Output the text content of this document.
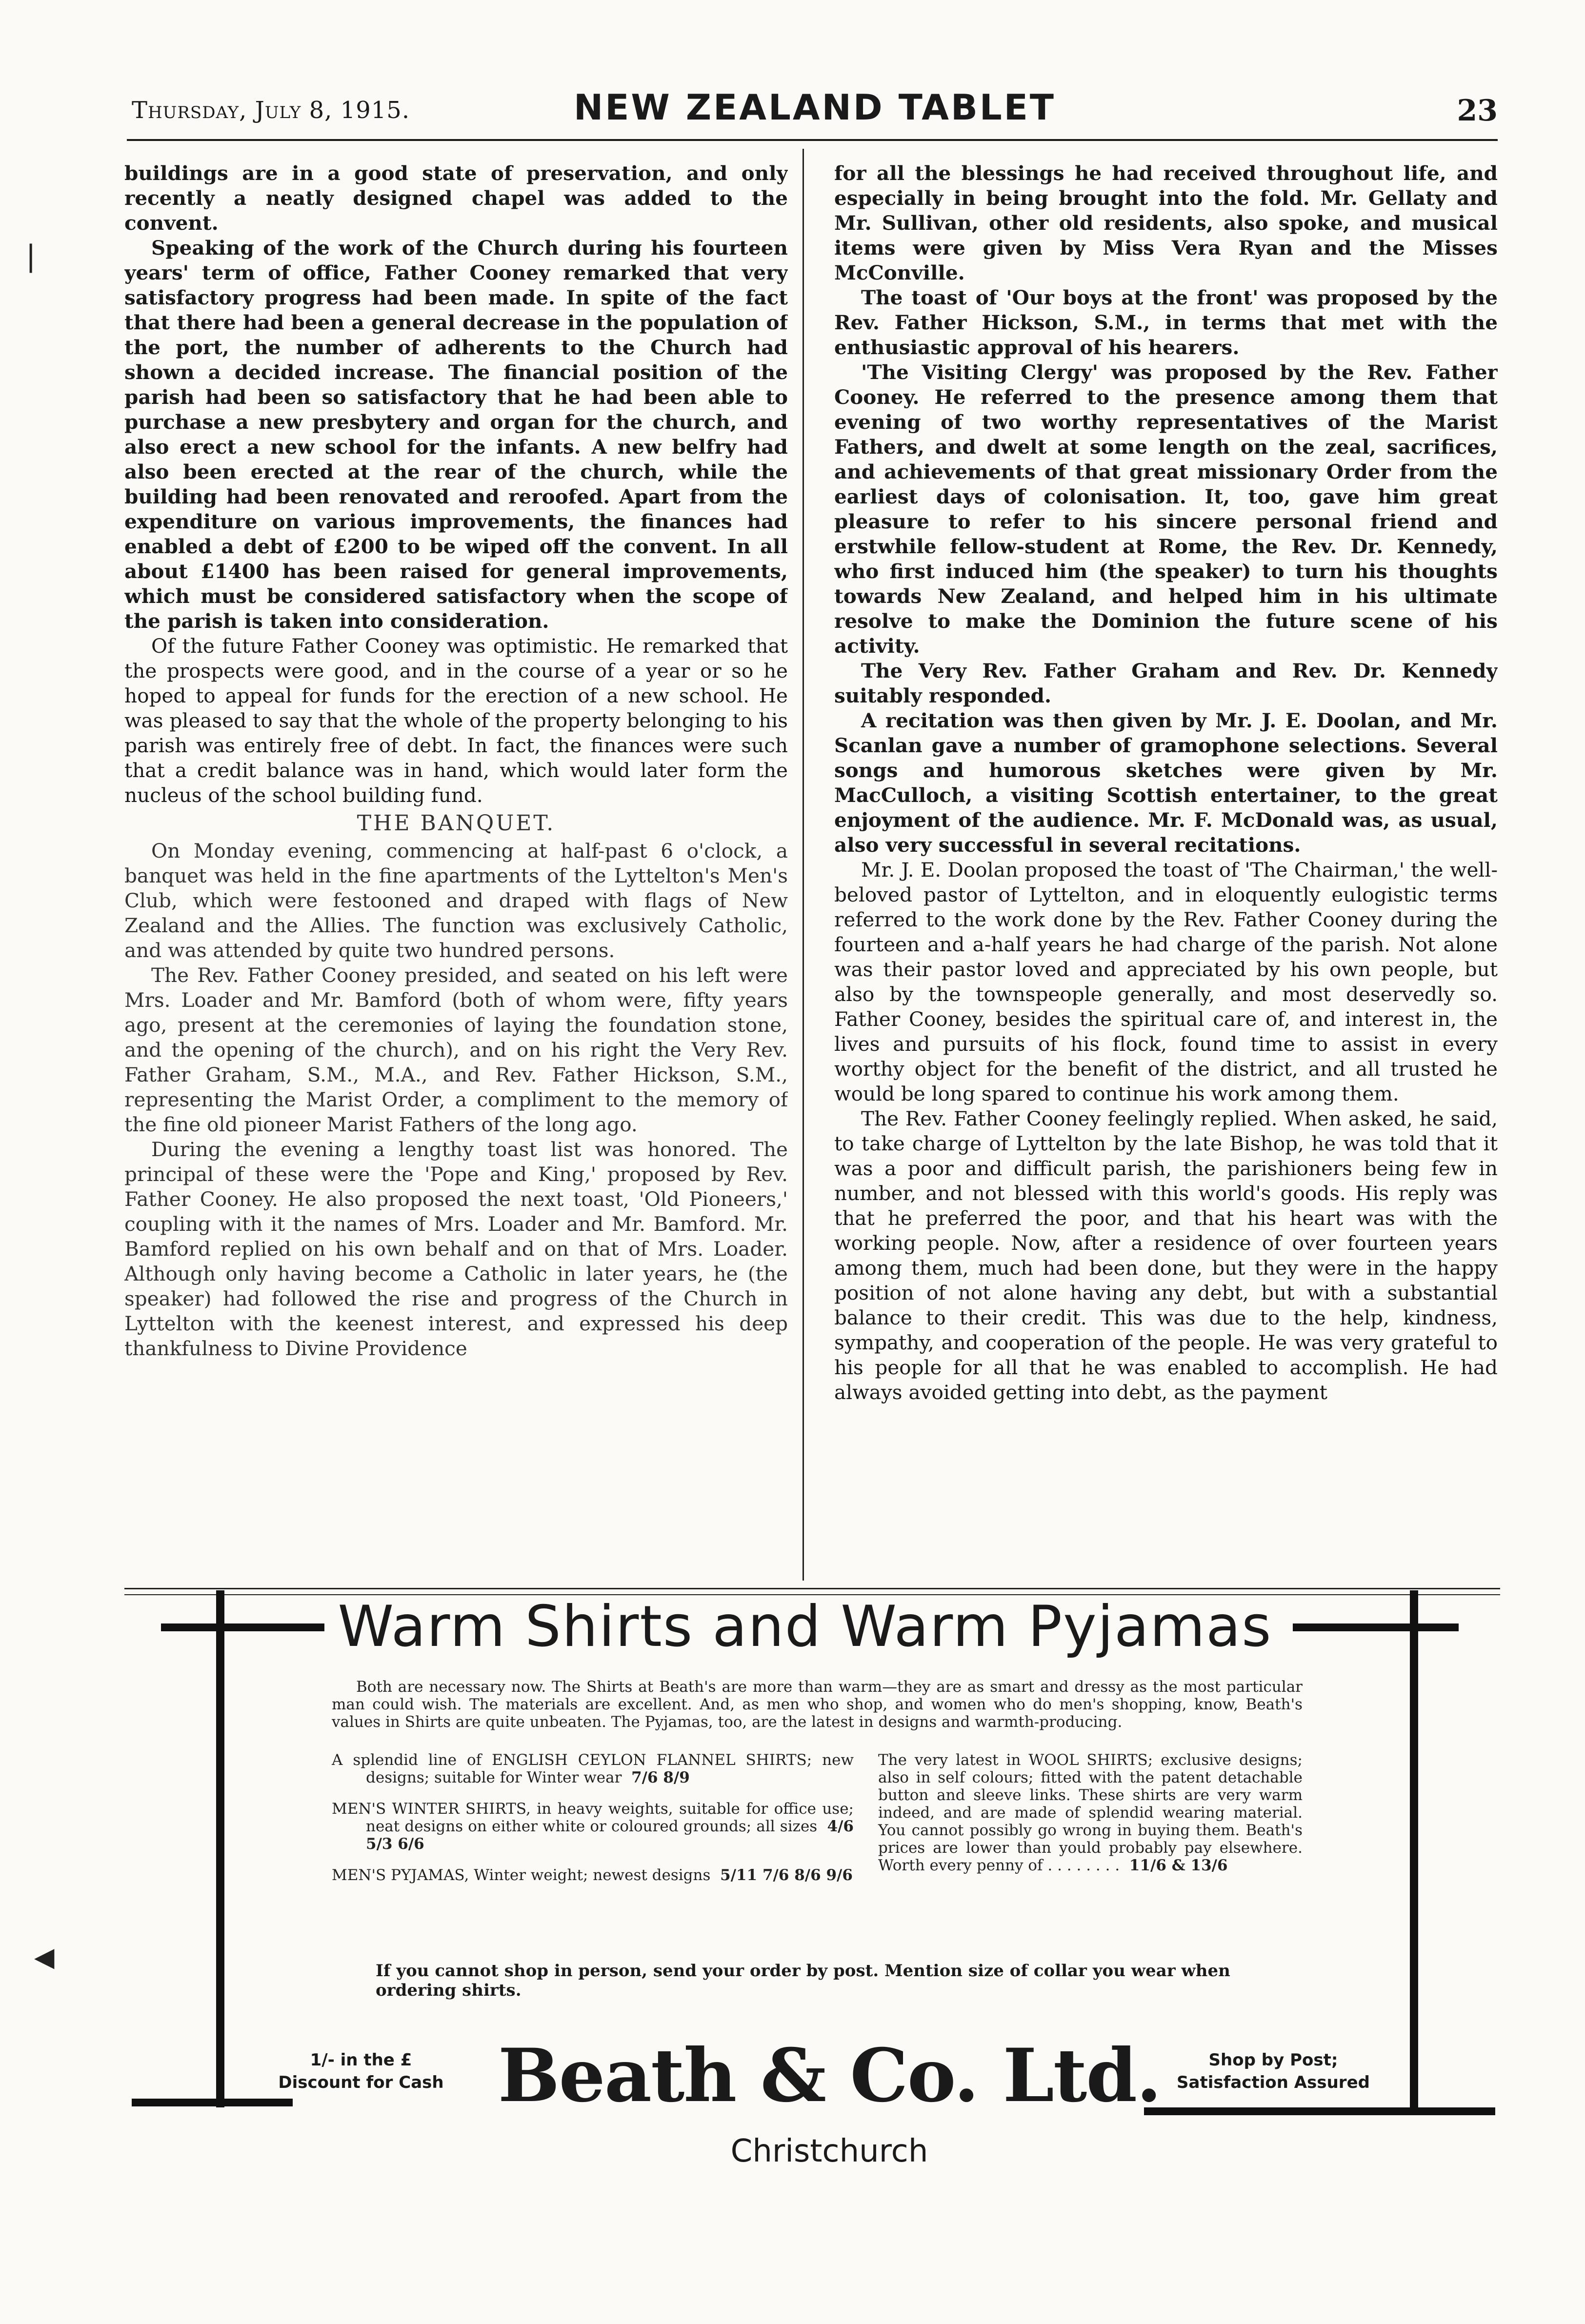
❘
◀
Thursday, July 8, 1915.	NEW ZEALAND TABLET	23

buildings are in a good state of preservation, and only recently a neatly designed chapel was added to the convent.

Speaking of the work of the Church during his fourteen years' term of office, Father Cooney remarked that very satisfactory progress had been made. In spite of the fact that there had been a general decrease in the population of the port, the number of adherents to the Church had shown a decided increase. The financial position of the parish had been so satisfactory that he had been able to purchase a new presbytery and organ for the church, and also erect a new school for the infants. A new belfry had also been erected at the rear of the church, while the building had been renovated and reroofed. Apart from the expenditure on various improvements, the finances had enabled a debt of £200 to be wiped off the convent. In all about £1400 has been raised for general improvements, which must be considered satisfactory when the scope of the parish is taken into consideration.

Of the future Father Cooney was optimistic. He remarked that the prospects were good, and in the course of a year or so he hoped to appeal for funds for the erection of a new school. He was pleased to say that the whole of the property belonging to his parish was entirely free of debt. In fact, the finances were such that a credit balance was in hand, which would later form the nucleus of the school building fund.

THE BANQUET.

On Monday evening, commencing at half-past 6 o'clock, a banquet was held in the fine apartments of the Lyttelton's Men's Club, which were festooned and draped with flags of New Zealand and the Allies. The function was exclusively Catholic, and was attended by quite two hundred persons.

The Rev. Father Cooney presided, and seated on his left were Mrs. Loader and Mr. Bamford (both of whom were, fifty years ago, present at the ceremonies of laying the foundation stone, and the opening of the church), and on his right the Very Rev. Father Graham, S.M., M.A., and Rev. Father Hickson, S.M., representing the Marist Order, a compliment to the memory of the fine old pioneer Marist Fathers of the long ago.

During the evening a lengthy toast list was honored. The principal of these were the 'Pope and King,' proposed by Rev. Father Cooney. He also proposed the next toast, 'Old Pioneers,' coupling with it the names of Mrs. Loader and Mr. Bamford. Mr. Bamford replied on his own behalf and on that of Mrs. Loader. Although only having become a Catholic in later years, he (the speaker) had followed the rise and progress of the Church in Lyttelton with the keenest interest, and expressed his deep thankfulness to Divine Providence

for all the blessings he had received throughout life, and especially in being brought into the fold. Mr. Gellaty and Mr. Sullivan, other old residents, also spoke, and musical items were given by Miss Vera Ryan and the Misses McConville.

The toast of 'Our boys at the front' was proposed by the Rev. Father Hickson, S.M., in terms that met with the enthusiastic approval of his hearers.

'The Visiting Clergy' was proposed by the Rev. Father Cooney. He referred to the presence among them that evening of two worthy representatives of the Marist Fathers, and dwelt at some length on the zeal, sacrifices, and achievements of that great missionary Order from the earliest days of colonisation. It, too, gave him great pleasure to refer to his sincere personal friend and erstwhile fellow-student at Rome, the Rev. Dr. Kennedy, who first induced him (the speaker) to turn his thoughts towards New Zealand, and helped him in his ultimate resolve to make the Dominion the future scene of his activity.

The Very Rev. Father Graham and Rev. Dr. Kennedy suitably responded.

A recitation was then given by Mr. J. E. Doolan, and Mr. Scanlan gave a number of gramophone selections. Several songs and humorous sketches were given by Mr. MacCulloch, a visiting Scottish entertainer, to the great enjoyment of the audience. Mr. F. McDonald was, as usual, also very successful in several recitations.

Mr. J. E. Doolan proposed the toast of 'The Chairman,' the well-beloved pastor of Lyttelton, and in eloquently eulogistic terms referred to the work done by the Rev. Father Cooney during the fourteen and a-half years he had charge of the parish. Not alone was their pastor loved and appreciated by his own people, but also by the townspeople generally, and most deservedly so. Father Cooney, besides the spiritual care of, and interest in, the lives and pursuits of his flock, found time to assist in every worthy object for the benefit of the district, and all trusted he would be long spared to continue his work among them.

The Rev. Father Cooney feelingly replied. When asked, he said, to take charge of Lyttelton by the late Bishop, he was told that it was a poor and difficult parish, the parishioners being few in number, and not blessed with this world's goods. His reply was that he preferred the poor, and that his heart was with the working people. Now, after a residence of over fourteen years among them, much had been done, but they were in the happy position of not alone having any debt, but with a substantial balance to their credit. This was due to the help, kindness, sympathy, and cooperation of the people. He was very grateful to his people for all that he was enabled to accomplish. He had always avoided getting into debt, as the payment

Warm Shirts and Warm Pyjamas
Both are necessary now. The Shirts at Beath's are more than warm—they are as smart and dressy as the most particular man could wish. The materials are excellent. And, as men who shop, and women who do men's shopping, know, Beath's values in Shirts are quite unbeaten. The Pyjamas, too, are the latest in designs and warmth-producing.
A splendid line of ENGLISH CEYLON FLANNEL SHIRTS; new designs; suitable for Winter wear 7/6 8/9
MEN'S WINTER SHIRTS, in heavy weights, suitable for office use; neat designs on either white or coloured grounds; all sizes 4/6 5/3 6/6
MEN'S PYJAMAS, Winter weight; newest designs 5/11 7/6 8/6 9/6
The very latest in WOOL SHIRTS; exclusive designs; also in self colours; fitted with the patent detachable button and sleeve links. These shirts are very warm indeed, and are made of splendid wearing material. You cannot possibly go wrong in buying them. Beath's prices are lower than yould probably pay elsewhere. Worth every penny of . . . . . . . . 11/6 & 13/6
If you cannot shop in person, send your order by post. Mention size of collar you wear when ordering shirts.
1/- in the £
Discount for Cash Beath & Co. Ltd.	Shop by Post;
Satisfaction Assured
Christchurch
